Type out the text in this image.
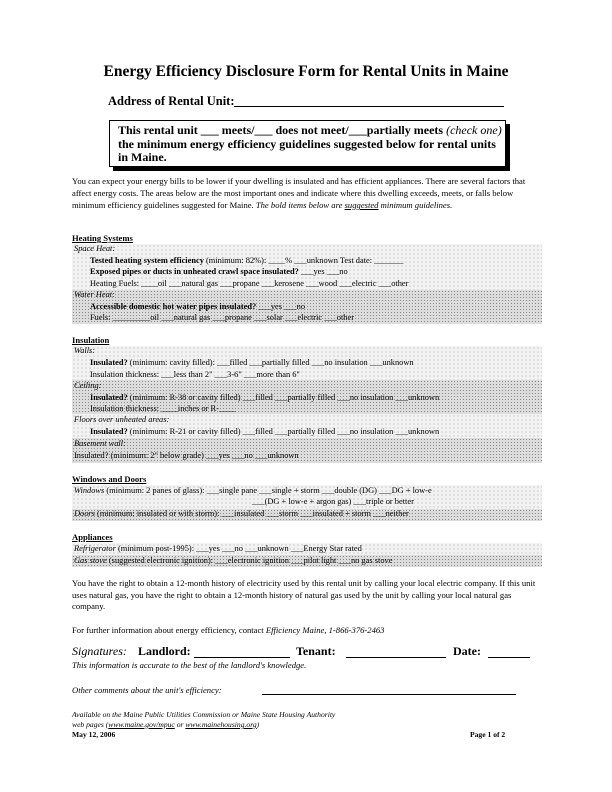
Energy Efficiency Disclosure Form for Rental Units in Maine
Address of Rental Unit:
This rental unit ___ meets/___ does not meet/___partially meets (check one) the minimum energy efficiency guidelines suggested below for rental units in Maine.
You can expect your energy bills to be lower if your dwelling is insulated and has efficient appliances. There are several factors that affect energy costs. The areas below are the most important ones and indicate where this dwelling exceeds, meets, or falls below minimum efficiency guidelines suggested for Maine. The bold items below are suggested minimum guidelines.
Heating Systems
Space Heat:
Tested heating system efficiency (minimum: 82%): ____% ___unknown Test date: _______
Exposed pipes or ducts in unheated crawl space insulated? ___yes ___no
Heating Fuels: ____oil ___natural gas ___propane ___kerosene ___wood ___electric ___other
Water Heat:
Accessible domestic hot water pipes insulated? ___yes ___no
Fuels: _________oil ___natural gas ___propane ___solar ___electric ___other
Insulation
Walls:
Insulated? (minimum: cavity filled): ___filled ___partially filled ___no insulation ___unknown
Insulation thickness: ___less than 2" ___3-6" ___more than 6"
Ceiling:
Insulated? (minimum: R-38 or cavity filled) ___filled ___partially filled ___no insulation ___unknown
Insulation thickness: ____inches or R-____
Floors over unheated areas:
Insulated? (minimum: R-21 or cavity filled) ___filled ___partially filled ___no insulation ___unknown
Basement wall:
Insulated? (minimum: 2" below grade) ___yes ___no ___unknown
Windows and Doors
Windows (minimum: 2 panes of glass): ___single pane ___single + storm ___double (DG) ___DG + low-e
___(DG + low-e + argon gas) ___triple or better
Doors (minimum: insulated or with storm): ___insulated ___storm ___insulated + storm ___neither
Appliances
Refrigerator (minimum post-1995): ___yes ___no ___unknown ___Energy Star rated
Gas stove (suggested electronic ignition): ___electronic ignition ___pilot light ___no gas stove
You have the right to obtain a 12-month history of electricity used by this rental unit by calling your local electric company. If this unit uses natural gas, you have the right to obtain a 12-month history of natural gas used by the unit by calling your local natural gas company.
For further information about energy efficiency, contact Efficiency Maine, 1-866-376-2463
Signatures: Landlord:	Tenant:	Date:
This information is accurate to the best of the landlord's knowledge.
Other comments about the unit's efficiency:
Available on the Maine Public Utilities Commission or Maine State Housing Authority
web pages (www.maine.gov/mpuc or www.mainehousing.org)
May 12, 2006	Page 1 of 2
